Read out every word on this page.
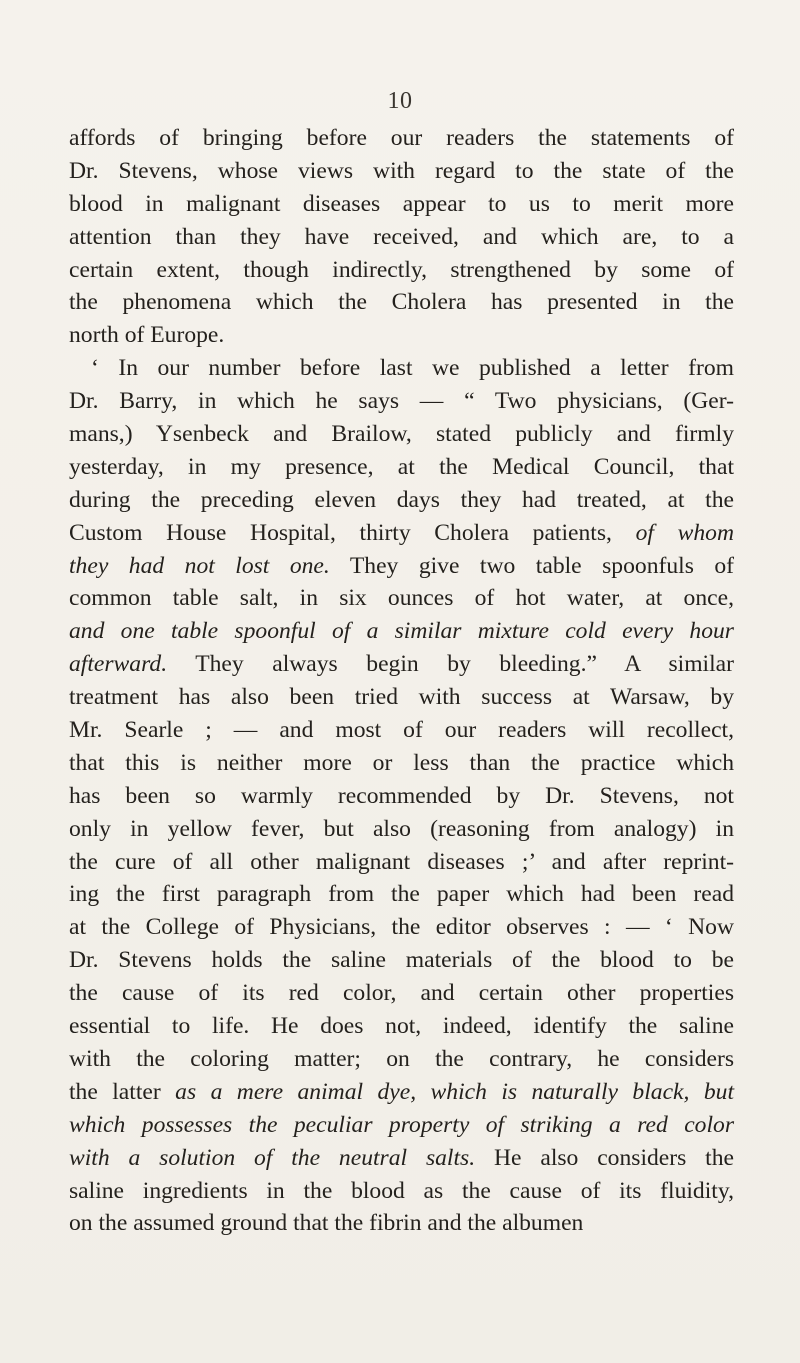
10
affords of bringing before our readers the statements of
Dr. Stevens, whose views with regard to the state of the
blood in malignant diseases appear to us to merit more
attention than they have received, and which are, to a
certain extent, though indirectly, strengthened by some of
the phenomena which the Cholera has presented in the
north of Europe.
‘ In our number before last we published a letter from
Dr. Barry, in which he says — “ Two physicians, (Ger-
mans,) Ysenbeck and Brailow, stated publicly and firmly
yesterday, in my presence, at the Medical Council, that
during the preceding eleven days they had treated, at the
Custom House Hospital, thirty Cholera patients, of whom
they had not lost one. They give two table spoonfuls of
common table salt, in six ounces of hot water, at once,
and one table spoonful of a similar mixture cold every hour
afterward. They always begin by bleeding.” A similar
treatment has also been tried with success at Warsaw, by
Mr. Searle ; — and most of our readers will recollect,
that this is neither more or less than the practice which
has been so warmly recommended by Dr. Stevens, not
only in yellow fever, but also (reasoning from analogy) in
the cure of all other malignant diseases ;’ and after reprint-
ing the first paragraph from the paper which had been read
at the College of Physicians, the editor observes : — ‘ Now
Dr. Stevens holds the saline materials of the blood to be
the cause of its red color, and certain other properties
essential to life. He does not, indeed, identify the saline
with the coloring matter; on the contrary, he considers
the latter as a mere animal dye, which is naturally black, but
which possesses the peculiar property of striking a red color
with a solution of the neutral salts. He also considers the
saline ingredients in the blood as the cause of its fluidity,
on the assumed ground that the fibrin and the albumen
